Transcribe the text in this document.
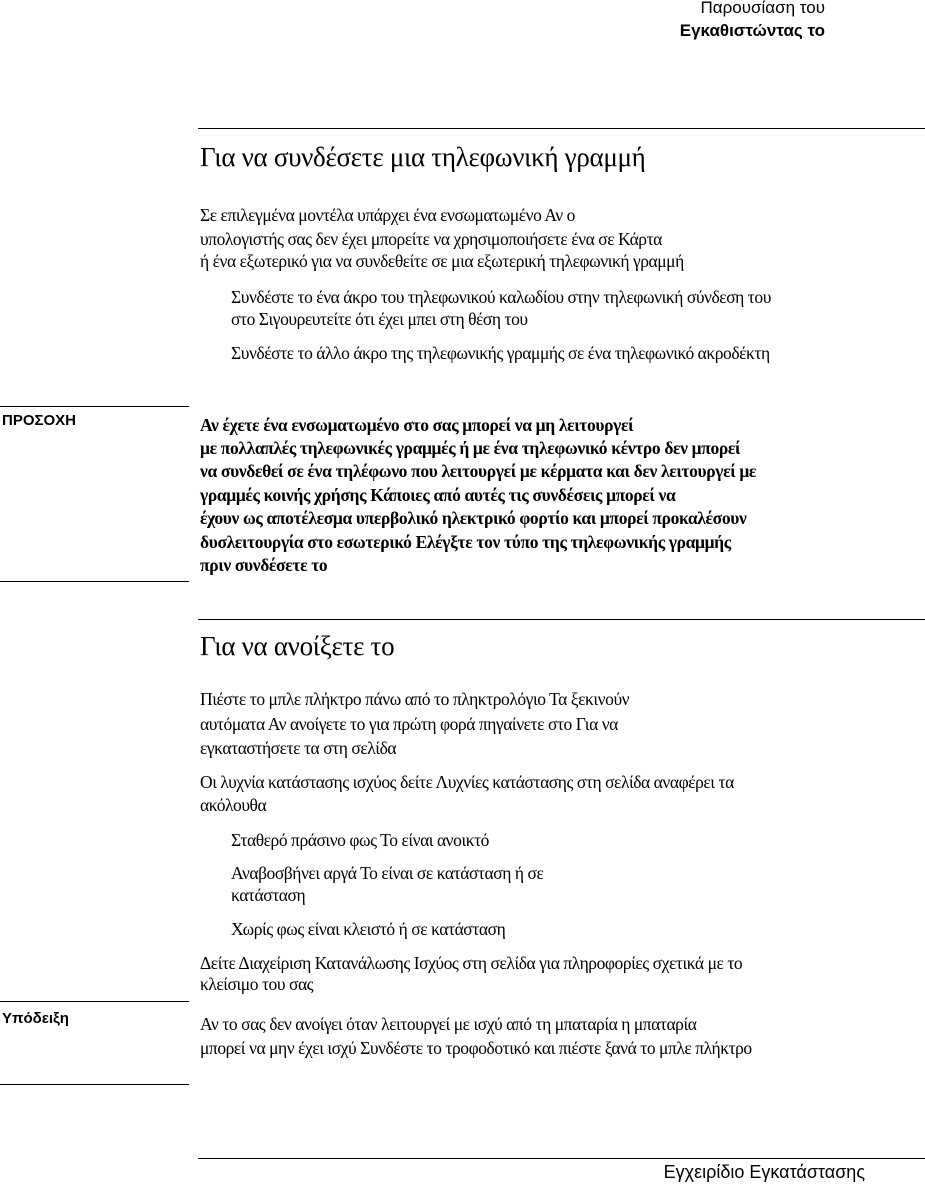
Παρουσίαση του
Εγκαθιστώντας το
Για να συνδέσετε μια τηλεφωνική γραμμή
Σε επιλεγμένα μοντέλα υπάρχει ένα ενσωματωμένο Αν ο
υπολογιστής σας δεν έχει μπορείτε να χρησιμοποιήσετε ένα σε Κάρτα
ή ένα εξωτερικό για να συνδεθείτε σε μια εξωτερική τηλεφωνική γραμμή
Συνδέστε το ένα άκρο του τηλεφωνικού καλωδίου στην τηλεφωνική σύνδεση του
στο Σιγουρευτείτε ότι έχει μπει στη θέση του
Συνδέστε το άλλο άκρο της τηλεφωνικής γραμμής σε ένα τηλεφωνικό ακροδέκτη
ΠΡΟΣΟΧΗ	Αν έχετε ένα ενσωματωμένο στο σας μπορεί να μη λειτουργεί
με πολλαπλές τηλεφωνικές γραμμές ή με ένα τηλεφωνικό κέντρο δεν μπορεί
να συνδεθεί σε ένα τηλέφωνο που λειτουργεί με κέρματα και δεν λειτουργεί με
γραμμές κοινής χρήσης Κάποιες από αυτές τις συνδέσεις μπορεί να
έχουν ως αποτέλεσμα υπερβολικό ηλεκτρικό φορτίο και μπορεί προκαλέσουν
δυσλειτουργία στο εσωτερικό Ελέγξτε τον τύπο της τηλεφωνικής γραμμής
πριν συνδέσετε το
Για να ανοίξετε το
Πιέστε το μπλε πλήκτρο πάνω από το πληκτρολόγιο Τα ξεκινούν
αυτόματα Αν ανοίγετε το για πρώτη φορά πηγαίνετε στο Για να
εγκαταστήσετε τα στη σελίδα
Οι λυχνία κατάστασης ισχύος δείτε Λυχνίες κατάστασης στη σελίδα αναφέρει τα
ακόλουθα
Σταθερό πράσινο φως Το είναι ανοικτό
Αναβοσβήνει αργά Το είναι σε κατάσταση ή σε
κατάσταση
Χωρίς φως είναι κλειστό ή σε κατάσταση
Δείτε Διαχείριση Κατανάλωσης Ισχύος στη σελίδα για πληροφορίες σχετικά με το
κλείσιμο του σας
Υπόδειξη	Αν το σας δεν ανοίγει όταν λειτουργεί με ισχύ από τη μπαταρία η μπαταρία
μπορεί να μην έχει ισχύ Συνδέστε το τροφοδοτικό και πιέστε ξανά το μπλε πλήκτρο
Εγχειρίδιο Εγκατάστασης
